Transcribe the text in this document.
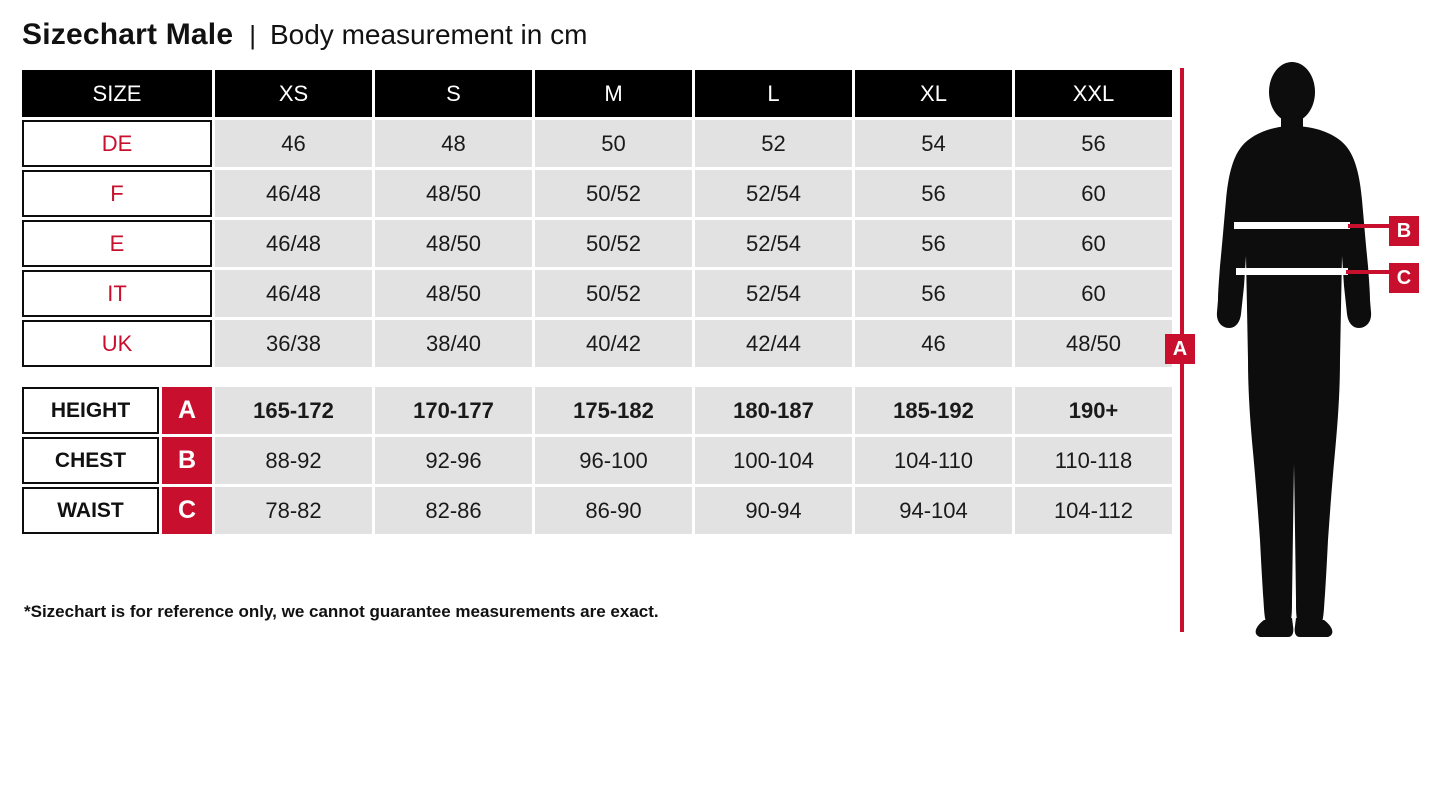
Sizechart Male | Body measurement in cm
SIZE	XS	S	M	L	XL	XXL
DE	46	48	50	52	54	56
F	46/48	48/50	50/52	52/54	56	60
E	46/48	48/50	50/52	52/54	56	60
IT	46/48	48/50	50/52	52/54	56	60
UK	36/38	38/40	40/42	42/44	46	48/50

HEIGHT A	165-172	170-177	175-182	180-187	185-192	190+

CHEST B	88-92	92-96	96-100	100-104	104-110	110-118

WAIST C	78-82	82-86	86-90	90-94	94-104	104-112
*Sizechart is for reference only, we cannot guarantee measurements are exact.
A
B
C
